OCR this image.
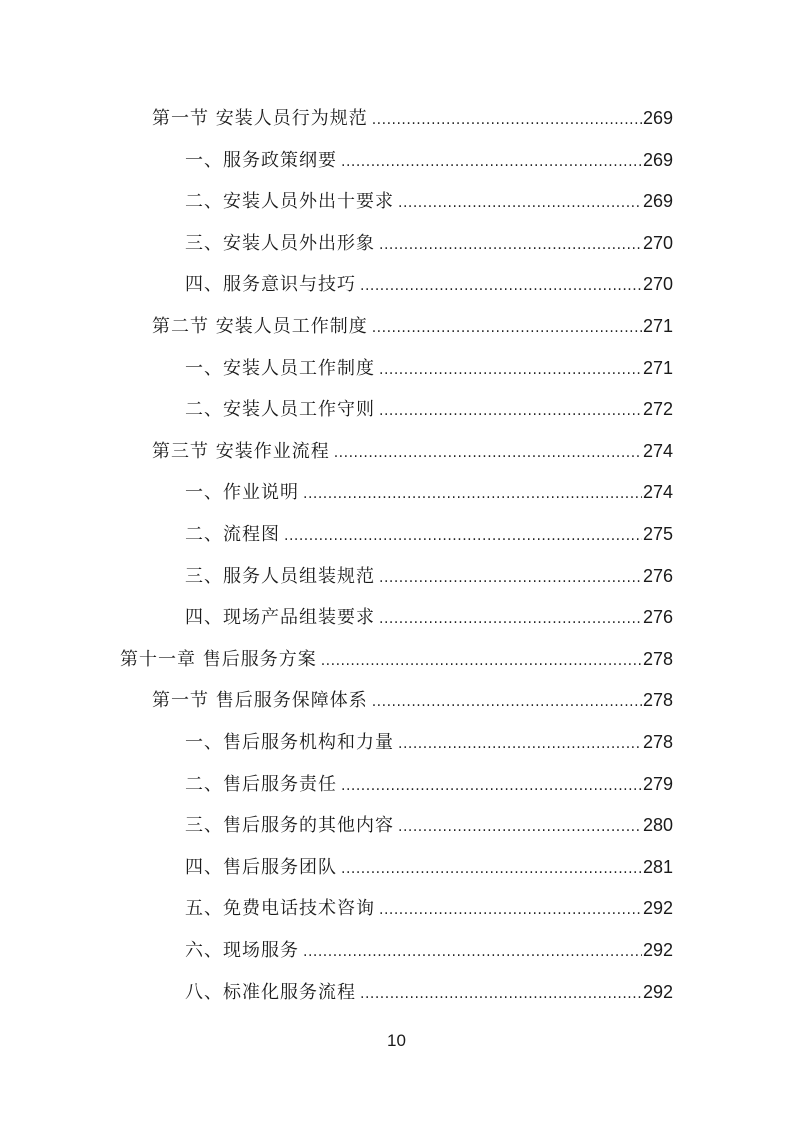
第一节 安装人员行为规范 .....	269
一、服务政策纲要 .....	269
二、安装人员外出十要求 .....	269
三、安装人员外出形象 .....	270
四、服务意识与技巧 .....	270
第二节 安装人员工作制度 .....	271
一、安装人员工作制度 .....	271
二、安装人员工作守则 .....	272
第三节 安装作业流程 .....	274
一、作业说明 .....	274
二、流程图 .....	275
三、服务人员组装规范 .....	276
四、现场产品组装要求 .....	276
第十一章 售后服务方案 .....	278
第一节 售后服务保障体系 .....	278
一、售后服务机构和力量 .....	278
二、售后服务责任 .....	279
三、售后服务的其他内容 .....	280
四、售后服务团队 .....	281
五、免费电话技术咨询 .....	292
六、现场服务 .....	292
八、标准化服务流程 .....	292
10
